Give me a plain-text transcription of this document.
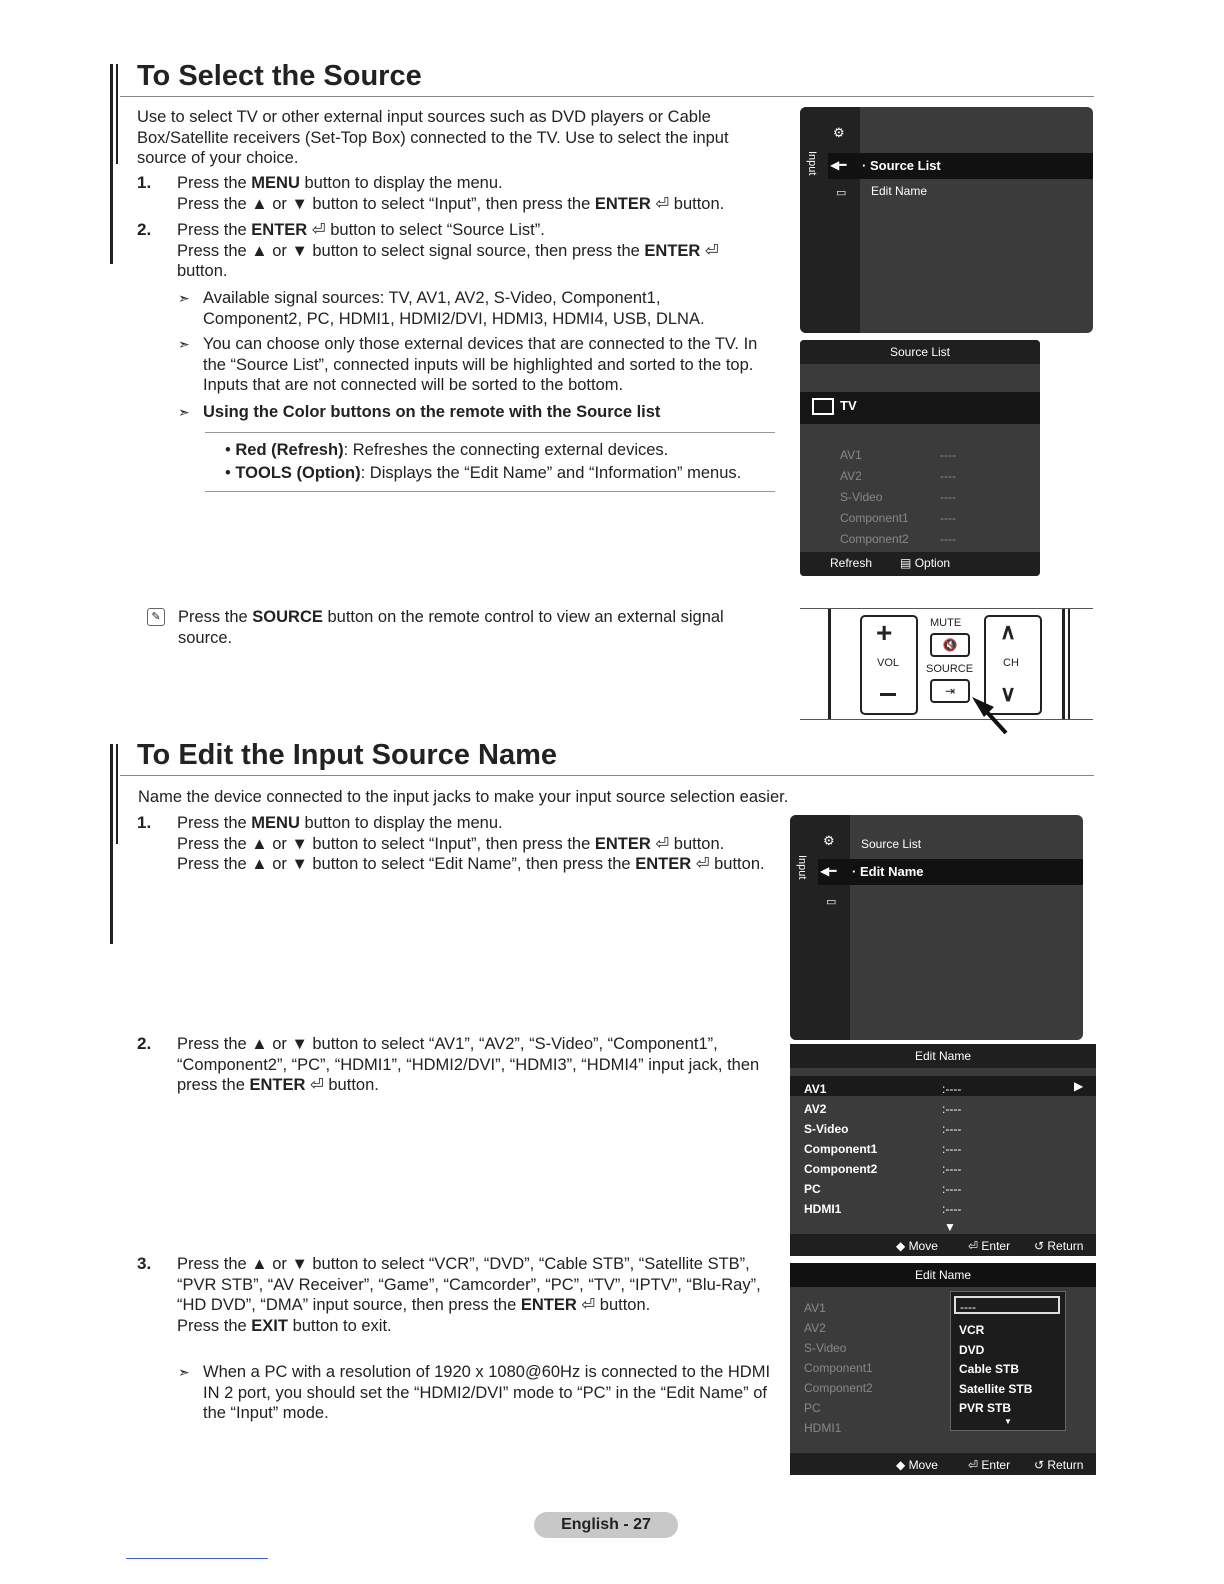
To Select the Source
Use to select TV or other external input sources such as DVD players or Cable Box/Satellite receivers (Set-Top Box) connected to the TV. Use to select the input source of your choice.
1. Press the MENU button to display the menu.
Press the ▲ or ▼ button to select “Input”, then press the ENTER ⏎ button.
2. Press the ENTER ⏎ button to select “Source List”.
Press the ▲ or ▼ button to select signal source, then press the ENTER ⏎ button.
➣ Available signal sources: TV, AV1, AV2, S-Video, Component1, Component2, PC, HDMI1, HDMI2/DVI, HDMI3, HDMI4, USB, DLNA.
➣ You can choose only those external devices that are connected to the TV. In the “Source List”, connected inputs will be highlighted and sorted to the top. Inputs that are not connected will be sorted to the bottom.
➣ Using the Color buttons on the remote with the Source list
• Red (Refresh): Refreshes the connecting external devices.
• TOOLS (Option): Displays the “Edit Name” and “Information” menus.
✎ Press the SOURCE button on the remote control to view an external signal source.
Input
⚙
◀━ · Source List
▭ Edit Name
Source List
TV
AV1
AV2
S-Video
Component1
Component2
----
----
----
----
----
Refresh ▤ Option
+
VOL
MUTE
🔇
SOURCE
⇥
∧
CH
∨
To Edit the Input Source Name
Name the device connected to the input jacks to make your input source selection easier.
1. Press the MENU button to display the menu.
Press the ▲ or ▼ button to select “Input”, then press the ENTER ⏎ button.
Press the ▲ or ▼ button to select “Edit Name”, then press the ENTER ⏎ button.
2. Press the ▲ or ▼ button to select “AV1”, “AV2”, “S-Video”, “Component1”, “Component2”, “PC”, “HDMI1”, “HDMI2/DVI”, “HDMI3”, “HDMI4” input jack, then press the ENTER ⏎ button.
3. Press the ▲ or ▼ button to select “VCR”, “DVD”, “Cable STB”, “Satellite STB”, “PVR STB”, “AV Receiver”, “Game”, “Camcorder”, “PC”, “TV”, “IPTV”, “Blu-Ray”, “HD DVD”, “DMA” input source, then press the ENTER ⏎ button.
Press the EXIT button to exit.
➣ When a PC with a resolution of 1920 x 1080@60Hz is connected to the HDMI IN 2 port, you should set the “HDMI2/DVI” mode to “PC” in the “Edit Name” of the “Input” mode.
Input
⚙ Source List
◀━ · Edit Name
▭
Edit Name
AV1
AV2
S-Video
Component1
Component2
PC
HDMI1
:----
:----
:----
:----
:----
:----
:----
▶
▼
◆ Move	⏎ Enter ↺ Return
Edit Name
AV1
AV2
S-Video
Component1
Component2
PC
HDMI1
----
VCR
DVD
Cable STB
Satellite STB
PVR STB
▼
◆ Move	⏎ Enter ↺ Return
English - 27
